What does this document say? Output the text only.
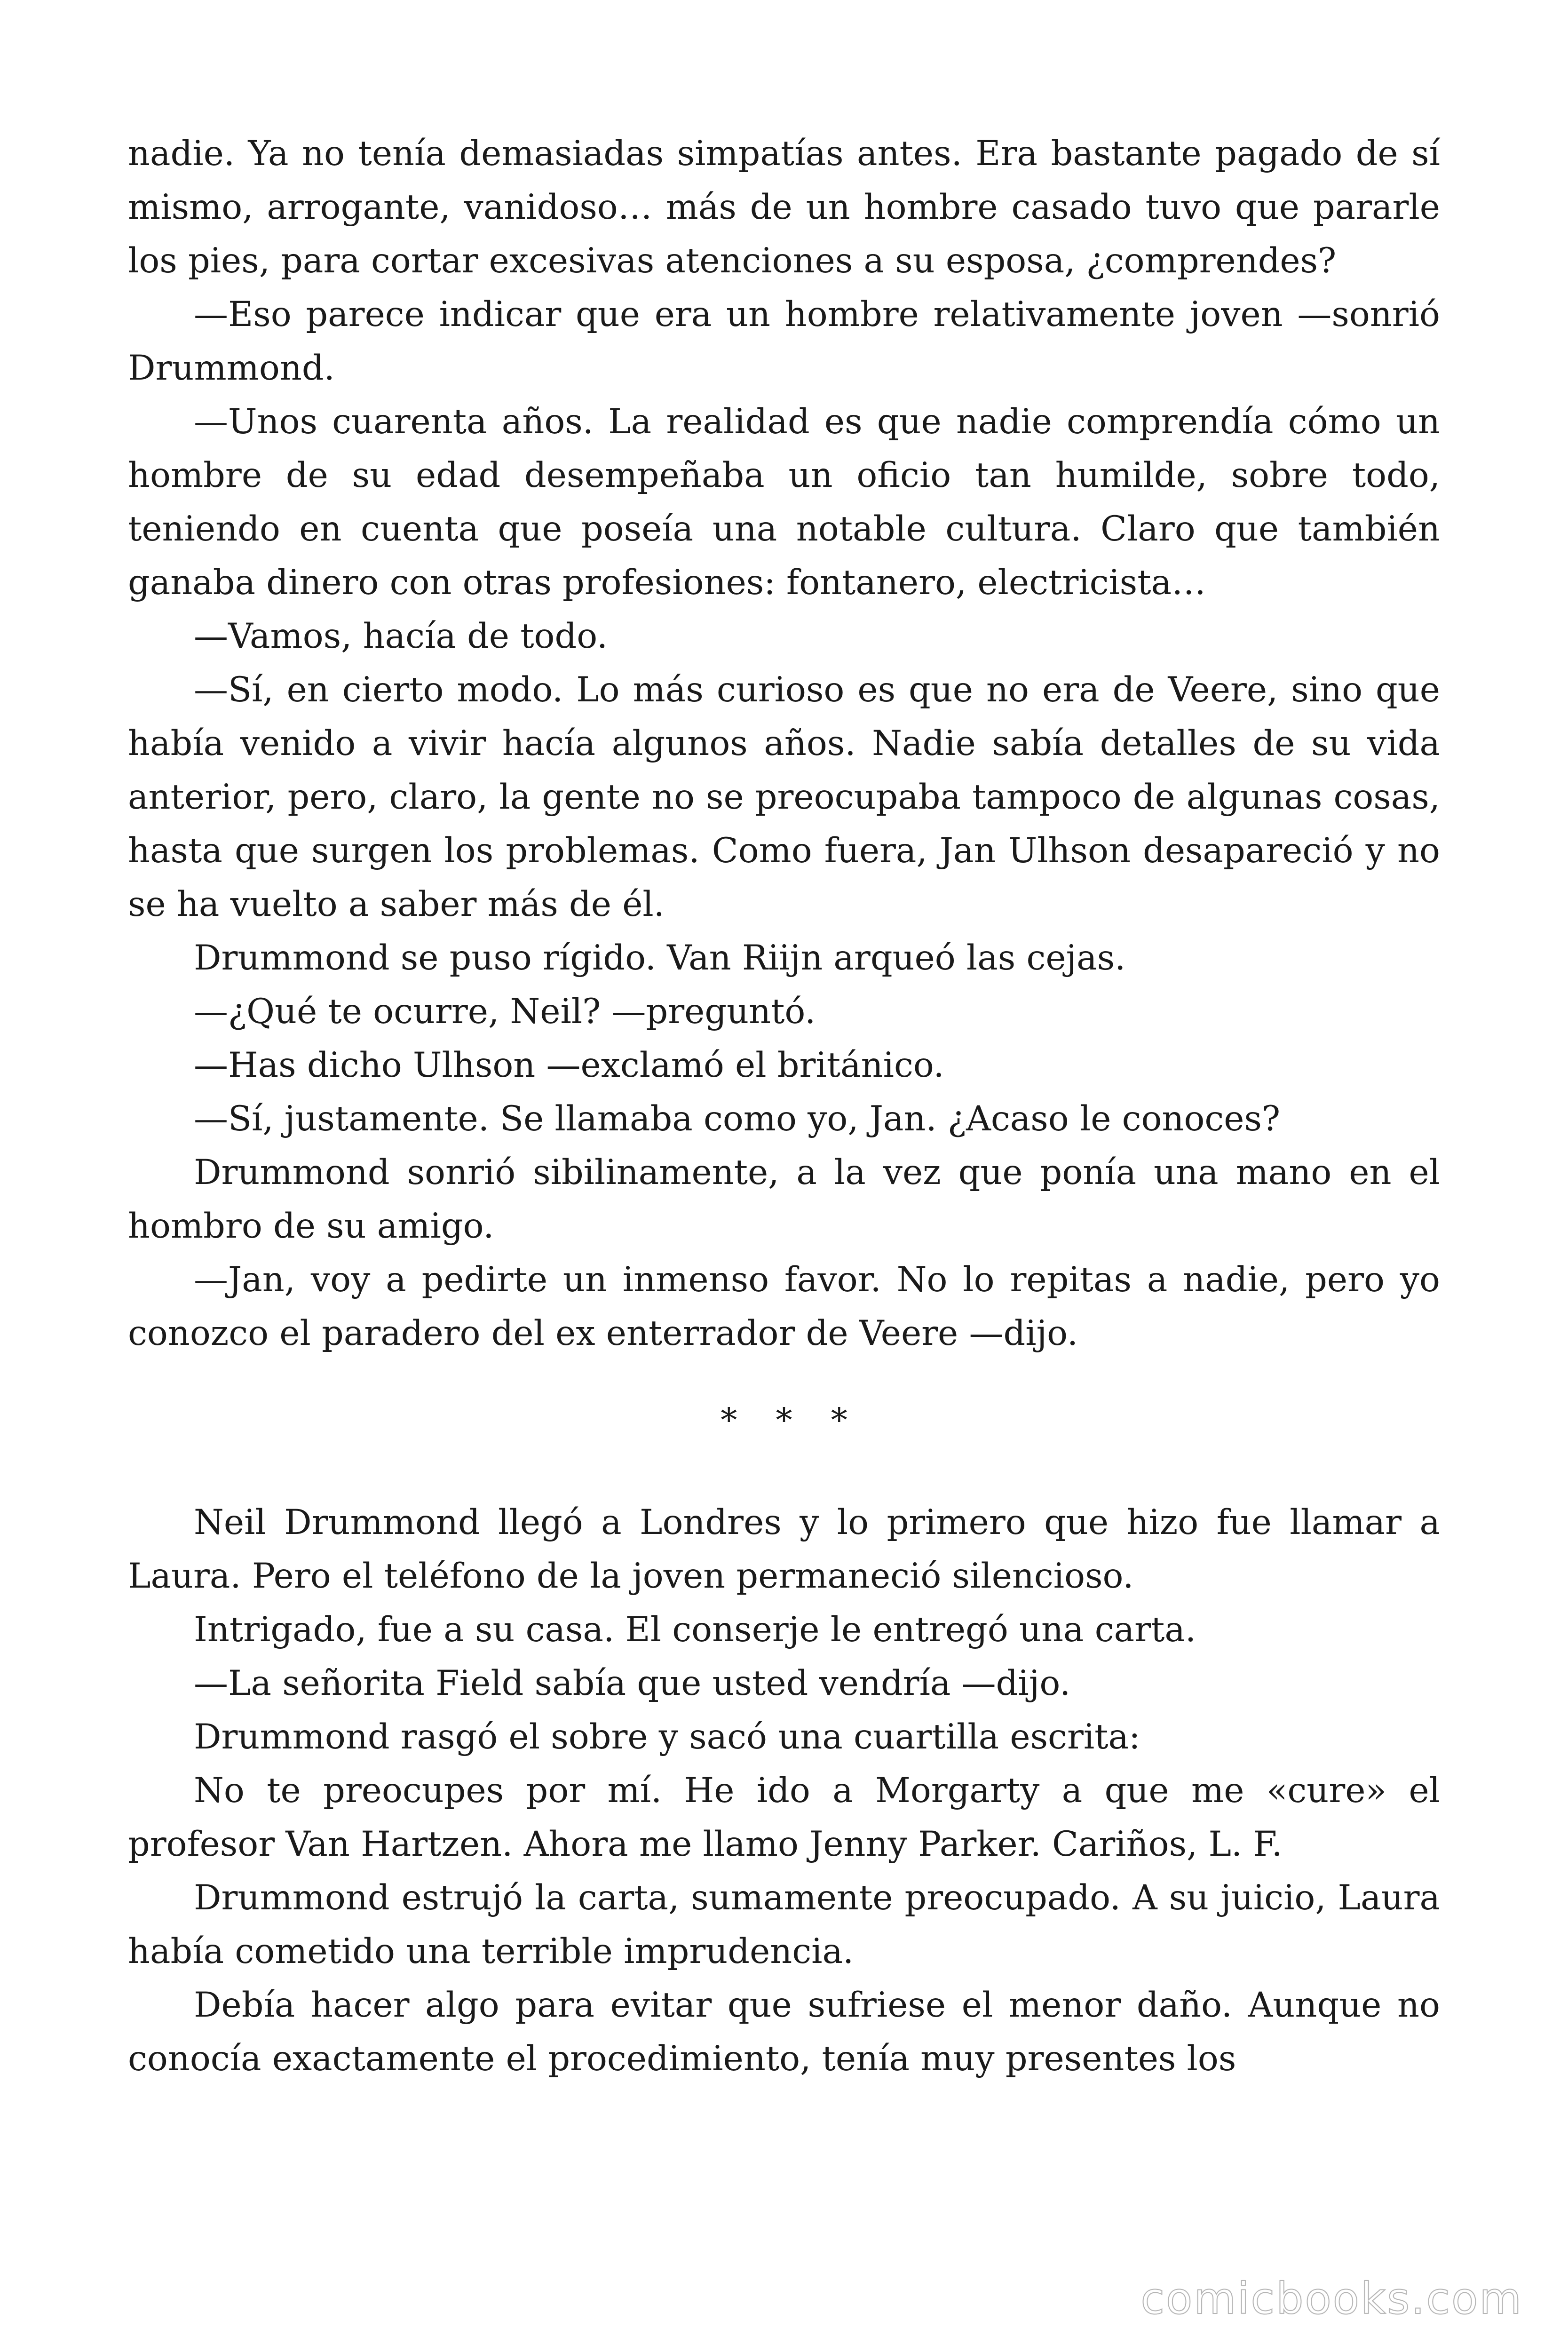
nadie. Ya no tenía demasiadas simpatías antes. Era bastante pagado de sí mismo, arrogante, vanidoso… más de un hombre casado tuvo que pararle los pies, para cortar excesivas atenciones a su esposa, ¿comprendes?

—Eso parece indicar que era un hombre relativamente joven —sonrió Drummond.

—Unos cuarenta años. La realidad es que nadie comprendía cómo un hombre de su edad desempeñaba un oficio tan humilde, sobre todo, teniendo en cuenta que poseía una notable cultura. Claro que también ganaba dinero con otras profesiones: fontanero, electricista…

—Vamos, hacía de todo.

—Sí, en cierto modo. Lo más curioso es que no era de Veere, sino que había venido a vivir hacía algunos años. Nadie sabía detalles de su vida anterior, pero, claro, la gente no se preocupaba tampoco de algunas cosas, hasta que surgen los problemas. Como fuera, Jan Ulhson desapareció y no se ha vuelto a saber más de él.

Drummond se puso rígido. Van Riijn arqueó las cejas.

—¿Qué te ocurre, Neil? —preguntó.

—Has dicho Ulhson —exclamó el británico.

—Sí, justamente. Se llamaba como yo, Jan. ¿Acaso le conoces?

Drummond sonrió sibilinamente, a la vez que ponía una mano en el hombro de su amigo.

—Jan, voy a pedirte un inmenso favor. No lo repitas a nadie, pero yo conozco el paradero del ex enterrador de Veere —dijo.

* * *

Neil Drummond llegó a Londres y lo primero que hizo fue llamar a Laura. Pero el teléfono de la joven permaneció silencioso.

Intrigado, fue a su casa. El conserje le entregó una carta.

—La señorita Field sabía que usted vendría —dijo.

Drummond rasgó el sobre y sacó una cuartilla escrita:

No te preocupes por mí. He ido a Morgarty a que me «cure» el profesor Van Hartzen. Ahora me llamo Jenny Parker. Cariños, L. F.

Drummond estrujó la carta, sumamente preocupado. A su juicio, Laura había cometido una terrible imprudencia.

Debía hacer algo para evitar que sufriese el menor daño. Aunque no conocía exactamente el procedimiento, tenía muy presentes los

comicbooks.com
